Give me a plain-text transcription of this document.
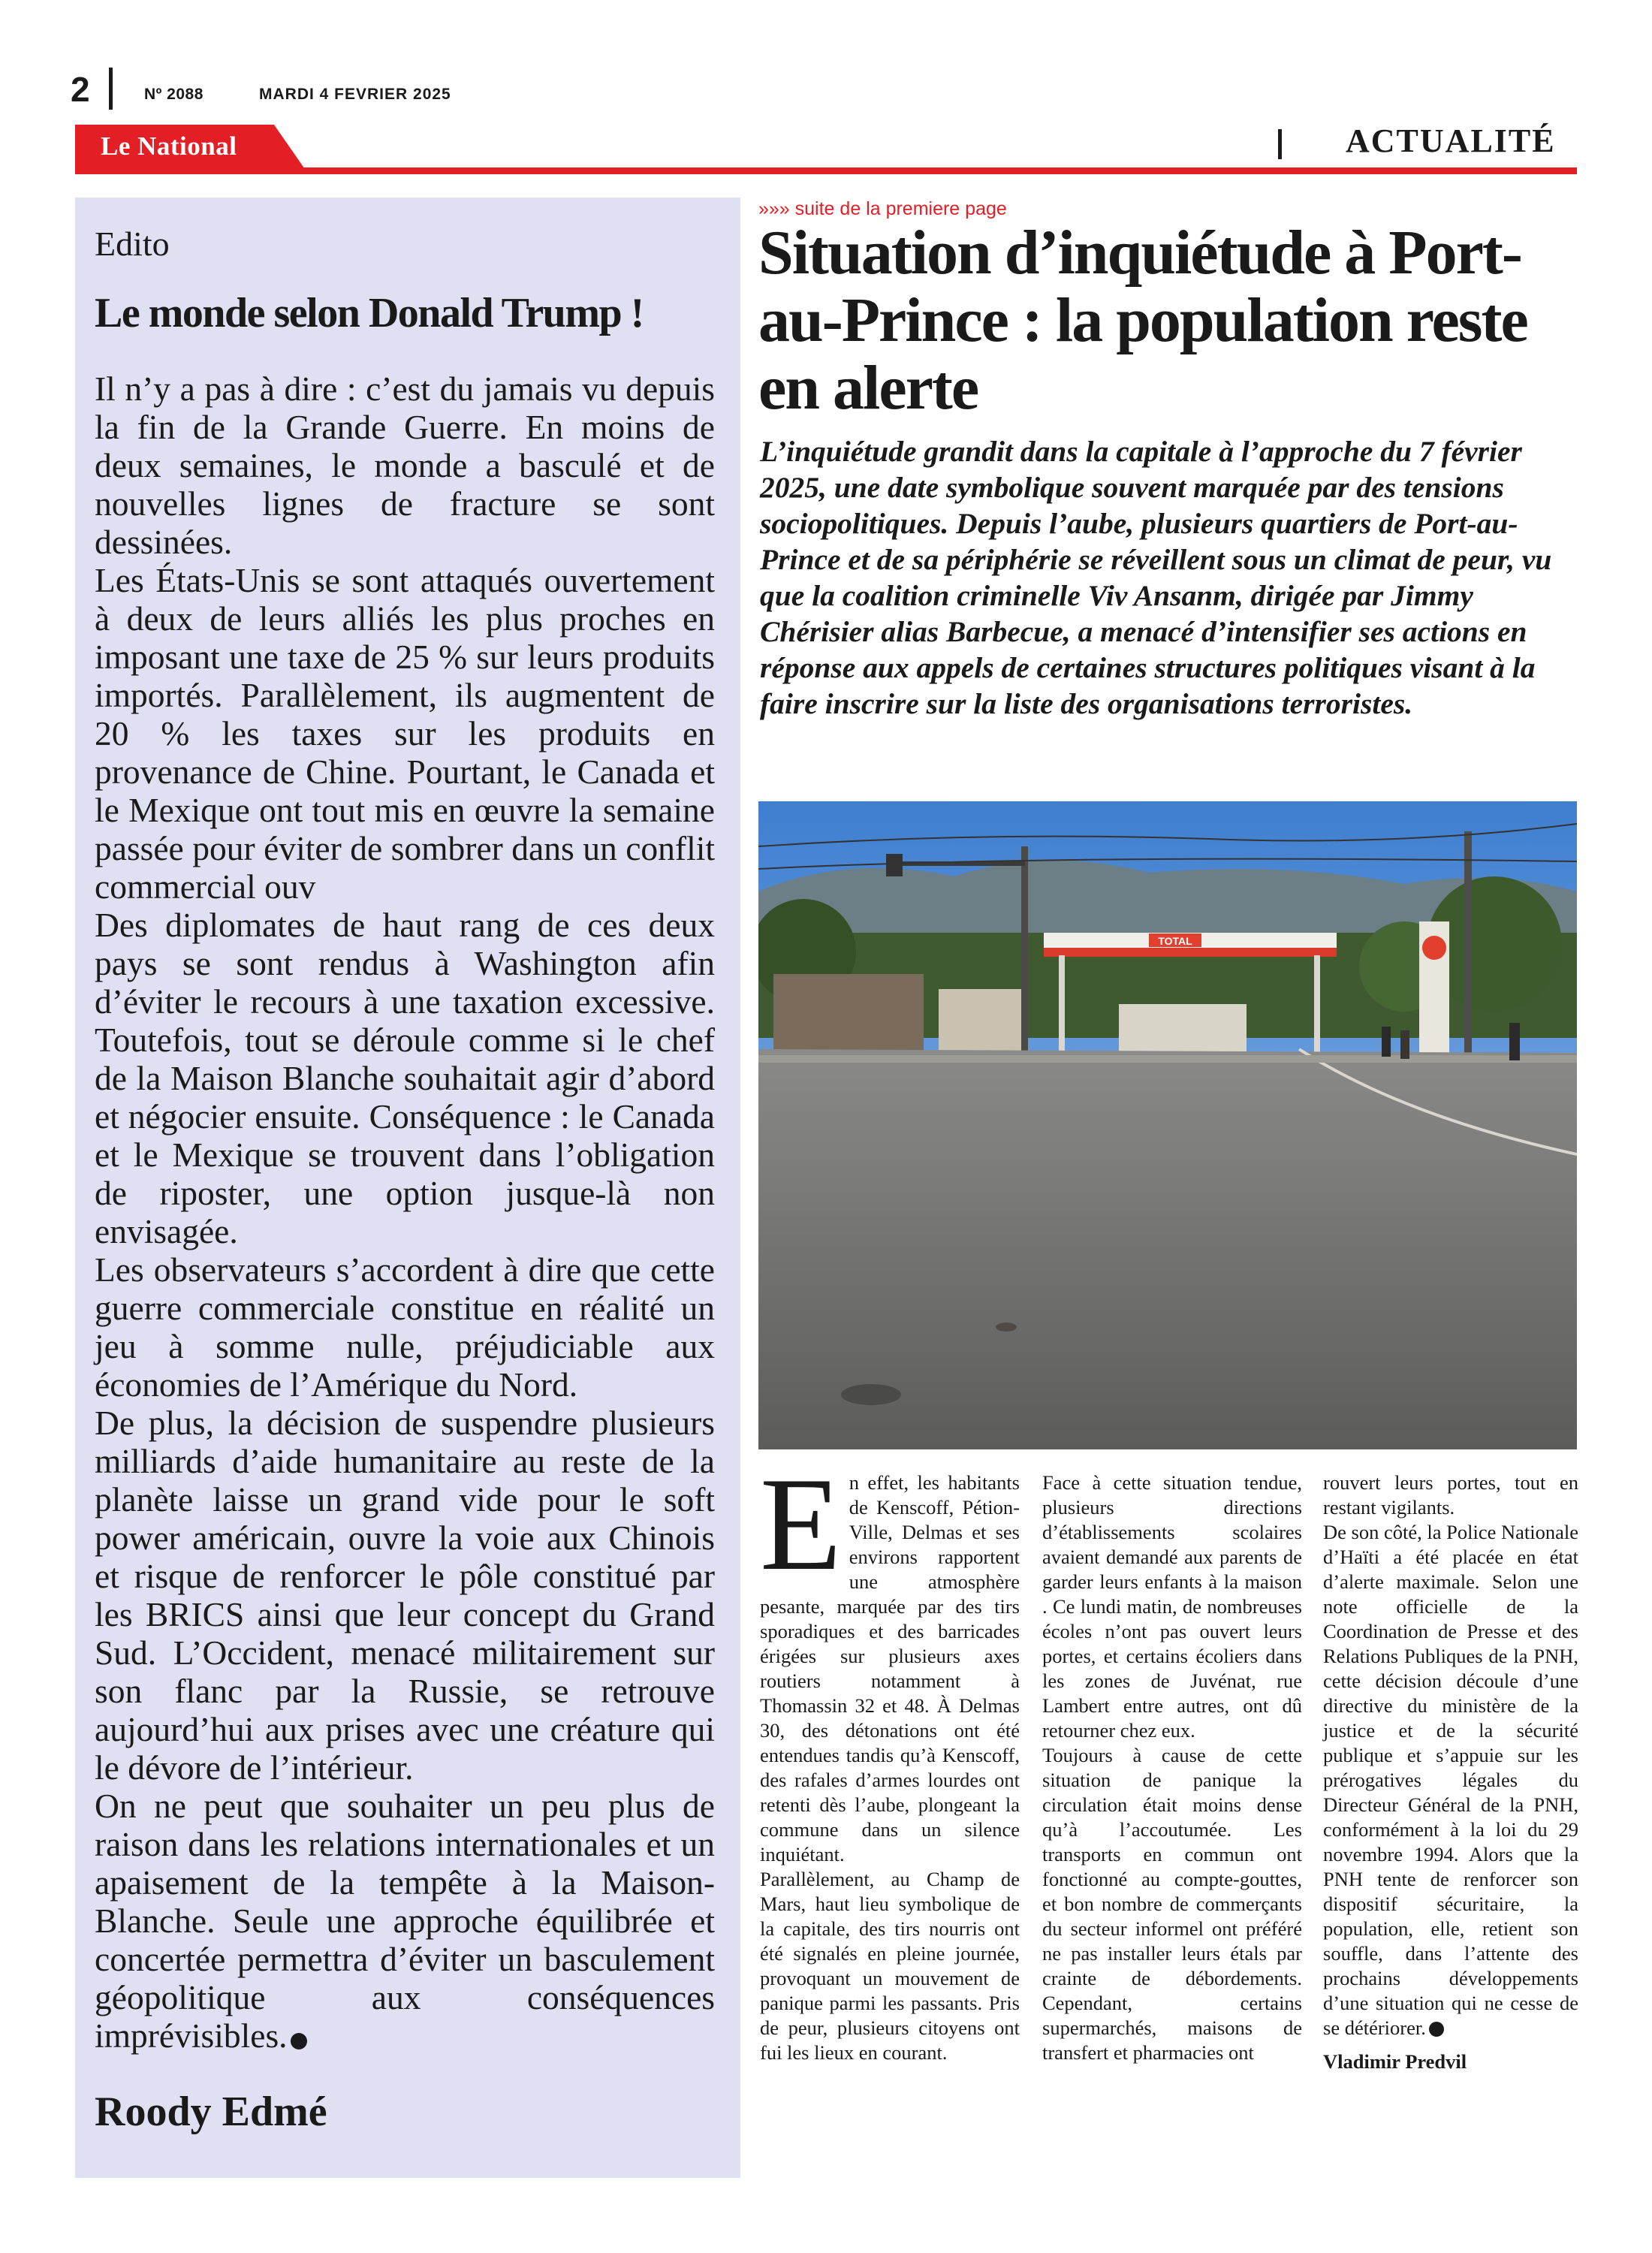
2	Nº 2088	MARDI 4 FEVRIER 2025
Le National	ACTUALITÉ
Edito
Le monde selon Donald Trump !

Il n’y a pas à dire : c’est du jamais vu depuis la fin de la Grande Guerre. En moins de deux semaines, le monde a basculé et de nouvelles lignes de fracture se sont dessinées.

Les États-Unis se sont attaqués ouvertement à deux de leurs alliés les plus proches en imposant une taxe de 25 % sur leurs produits importés. Parallèlement, ils augmentent de 20 % les taxes sur les produits en provenance de Chine. Pourtant, le Canada et le Mexique ont tout mis en œuvre la semaine passée pour éviter de sombrer dans un conflit commercial ouv

Des diplomates de haut rang de ces deux pays se sont rendus à Washington afin d’éviter le recours à une taxation excessive. Toutefois, tout se déroule comme si le chef de la Maison Blanche souhaitait agir d’abord et négocier ensuite. Conséquence : le Canada et le Mexique se trouvent dans l’obligation de riposter, une option jusque-là non envisagée.

Les observateurs s’accordent à dire que cette guerre commerciale constitue en réalité un jeu à somme nulle, préjudiciable aux économies de l’Amérique du Nord.

De plus, la décision de suspendre plusieurs milliards d’aide humanitaire au reste de la planète laisse un grand vide pour le soft power américain, ouvre la voie aux Chinois et risque de renforcer le pôle constitué par les BRICS ainsi que leur concept du Grand Sud. L’Occident, menacé militairement sur son flanc par la Russie, se retrouve aujourd’hui aux prises avec une créature qui le dévore de l’intérieur.

On ne peut que souhaiter un peu plus de raison dans les relations internationales et un apaisement de la tempête à la Maison-Blanche. Seule une approche équilibrée et concertée permettra d’éviter un basculement géopolitique aux conséquences imprévisibles.

Roody Edmé
»»» suite de la premiere page
Situation d’inquiétude à Port-au-Prince : la population reste en alerte
L’inquiétude grandit dans la capitale à l’approche du 7 février 2025, une date symbolique souvent marquée par des tensions sociopolitiques. Depuis l’aube, plusieurs quartiers de Port-au-Prince et de sa périphérie se réveillent sous un climat de peur, vu que la coalition criminelle Viv Ansanm, dirigée par Jimmy Chérisier alias Barbecue, a menacé d’intensifier ses actions en réponse aux appels de certaines structures politiques visant à la faire inscrire sur la liste des organisations terroristes.
TOTAL
E n effet, les habitants de Kenscoff, Pétion-Ville, Delmas et ses environs rapportent une atmosphère pesante, marquée par des tirs sporadiques et des barricades érigées sur plusieurs axes routiers notamment à Thomassin 32 et 48. À Delmas 30, des détonations ont été entendues tandis qu’à Kenscoff, des rafales d’armes lourdes ont retenti dès l’aube, plongeant la commune dans un silence inquiétant.

Parallèlement, au Champ de Mars, haut lieu symbolique de la capitale, des tirs nourris ont été signalés en pleine journée, provoquant un mouvement de panique parmi les passants. Pris de peur, plusieurs citoyens ont fui les lieux en courant.

Face à cette situation tendue, plusieurs directions d’établissements scolaires avaient demandé aux parents de garder leurs enfants à la maison . Ce lundi matin, de nombreuses écoles n’ont pas ouvert leurs portes, et certains écoliers dans les zones de Juvénat, rue Lambert entre autres, ont dû retourner chez eux.

Toujours à cause de cette situation de panique la circulation était moins dense qu’à l’accoutumée. Les transports en commun ont fonctionné au compte-gouttes, et bon nombre de commerçants du secteur informel ont préféré ne pas installer leurs étals par crainte de débordements. Cependant, certains supermarchés, maisons de transfert et pharmacies ont

rouvert leurs portes, tout en restant vigilants.

De son côté, la Police Nationale d’Haïti a été placée en état d’alerte maximale. Selon une note officielle de la Coordination de Presse et des Relations Publiques de la PNH, cette décision découle d’une directive du ministère de la justice et de la sécurité publique et s’appuie sur les prérogatives légales du Directeur Général de la PNH, conformément à la loi du 29 novembre 1994. Alors que la PNH tente de renforcer son dispositif sécuritaire, la population, elle, retient son souffle, dans l’attente des prochains développements d’une situation qui ne cesse de se détériorer.

Vladimir Predvil
